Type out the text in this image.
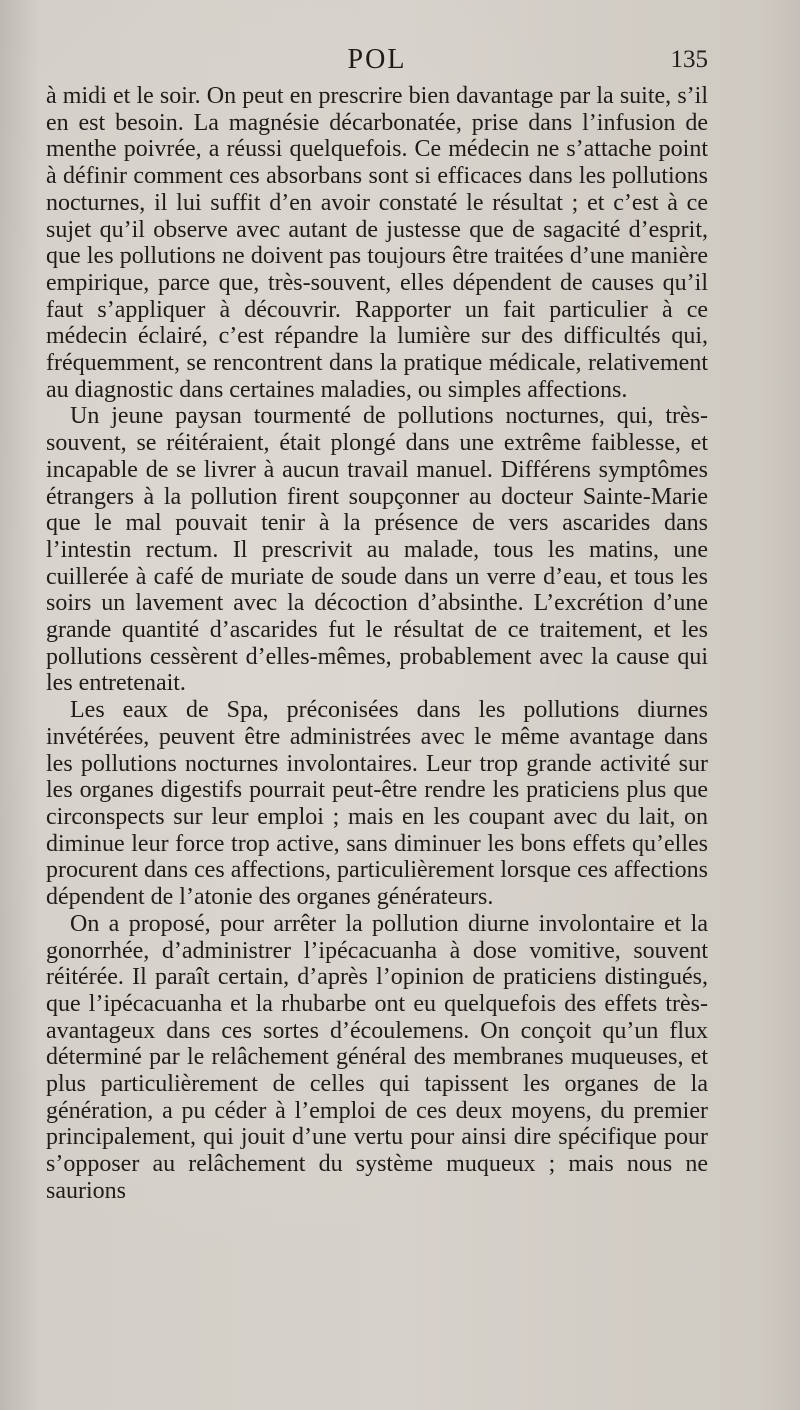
POL	135

à midi et le soir. On peut en prescrire bien davantage par la suite, s’il en est besoin. La magnésie décarbonatée, prise dans l’infusion de menthe poivrée, a réussi quelquefois. Ce médecin ne s’attache point à définir comment ces absorbans sont si efficaces dans les pollutions nocturnes, il lui suffit d’en avoir constaté le résultat ; et c’est à ce sujet qu’il observe avec autant de justesse que de sagacité d’esprit, que les pollutions ne doivent pas toujours être traitées d’une manière empirique, parce que, très-souvent, elles dépendent de causes qu’il faut s’appliquer à découvrir. Rapporter un fait particulier à ce médecin éclairé, c’est répandre la lumière sur des difficultés qui, fréquemment, se rencontrent dans la pratique médicale, relativement au diagnostic dans certaines maladies, ou simples affections.

Un jeune paysan tourmenté de pollutions nocturnes, qui, très-souvent, se réitéraient, était plongé dans une extrême faiblesse, et incapable de se livrer à aucun travail manuel. Différens symptômes étrangers à la pollution firent soupçonner au docteur Sainte-Marie que le mal pouvait tenir à la présence de vers ascarides dans l’intestin rectum. Il prescrivit au malade, tous les matins, une cuillerée à café de muriate de soude dans un verre d’eau, et tous les soirs un lavement avec la décoction d’absinthe. L’excrétion d’une grande quantité d’ascarides fut le résultat de ce traitement, et les pollutions cessèrent d’elles-mêmes, probablement avec la cause qui les entretenait.

Les eaux de Spa, préconisées dans les pollutions diurnes invétérées, peuvent être administrées avec le même avantage dans les pollutions nocturnes involontaires. Leur trop grande activité sur les organes digestifs pourrait peut-être rendre les praticiens plus que circonspects sur leur emploi ; mais en les coupant avec du lait, on diminue leur force trop active, sans diminuer les bons effets qu’elles procurent dans ces affections, particulièrement lorsque ces affections dépendent de l’atonie des organes générateurs.

On a proposé, pour arrêter la pollution diurne involontaire et la gonorrhée, d’administrer l’ipécacuanha à dose vomitive, souvent réitérée. Il paraît certain, d’après l’opinion de praticiens distingués, que l’ipécacuanha et la rhubarbe ont eu quelquefois des effets très-avantageux dans ces sortes d’écoulemens. On conçoit qu’un flux déterminé par le relâchement général des membranes muqueuses, et plus particulièrement de celles qui tapissent les organes de la génération, a pu céder à l’emploi de ces deux moyens, du premier principalement, qui jouit d’une vertu pour ainsi dire spécifique pour s’opposer au relâchement du système muqueux ; mais nous ne saurions
